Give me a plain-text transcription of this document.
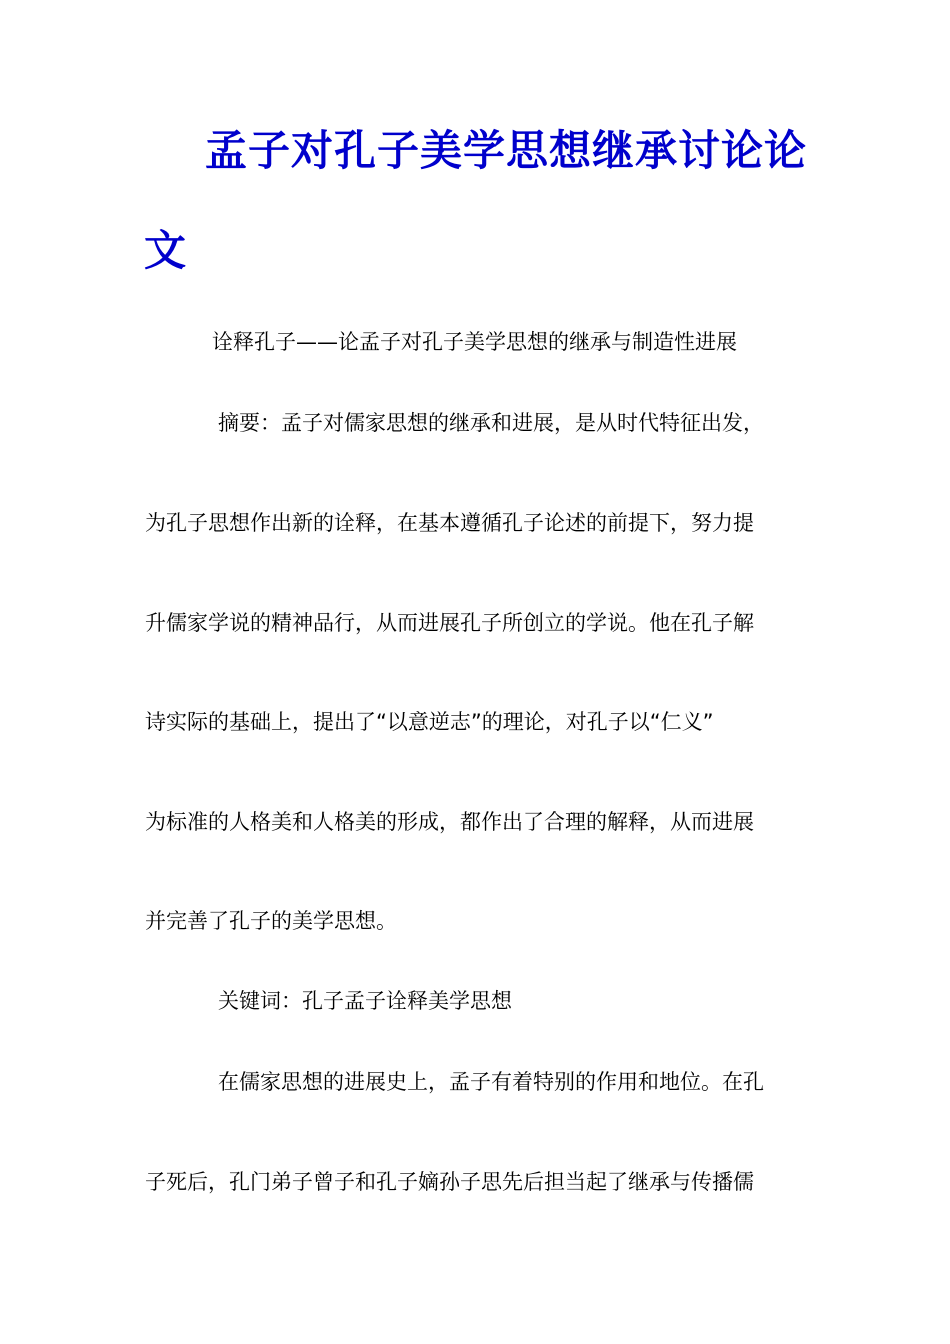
孟子对孔子美学思想继承讨论论
文

诠释孔子——论孟子对孔子美学思想的继承与制造性进展

摘要：孟子对儒家思想的继承和进展，是从时代特征出发，

为孔子思想作出新的诠释，在基本遵循孔子论述的前提下，努力提

升儒家学说的精神品行，从而进展孔子所创立的学说。他在孔子解

诗实际的基础上，提出了“以意逆志”的理论，对孔子以“仁义”

为标准的人格美和人格美的形成，都作出了合理的解释，从而进展

并完善了孔子的美学思想。

关键词：孔子孟子诠释美学思想

在儒家思想的进展史上，孟子有着特别的作用和地位。在孔

子死后，孔门弟子曾子和孔子嫡孙子思先后担当起了继承与传播儒
